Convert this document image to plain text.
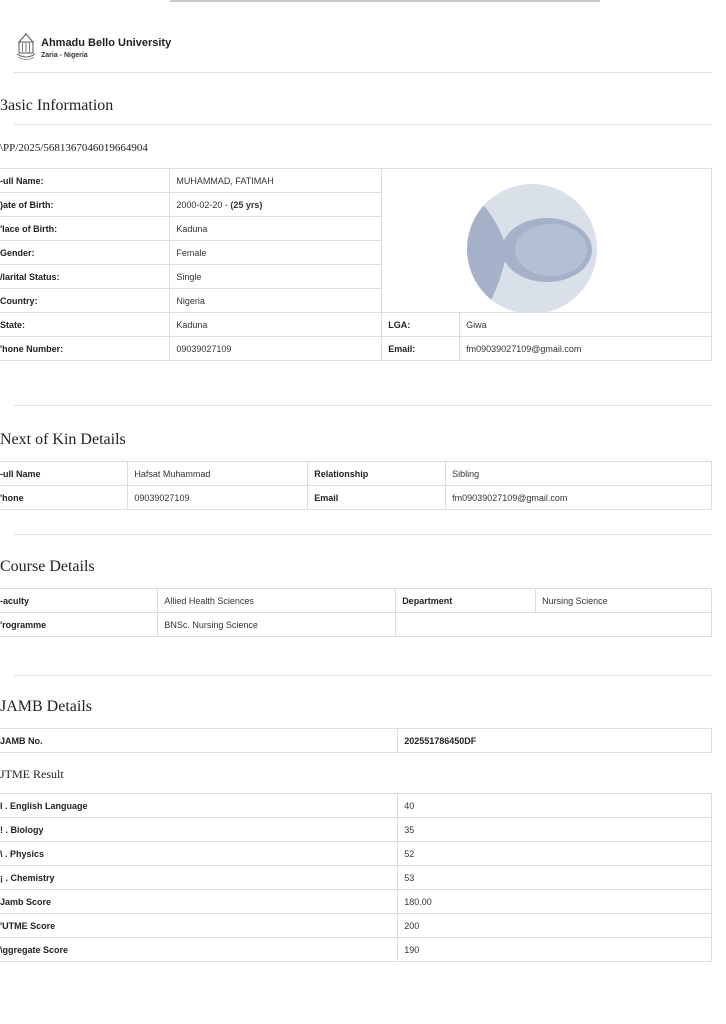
Ahmadu Bello University
Zaria - Nigeria
3asic Information
\PP/2025/5681367046019664904
-ull Name:	MUHAMMAD, FATIMAH	

)ate of Birth:	2000-02-20 - (25 yrs)		
'lace of Birth:	Kaduna		
Gender:	Female		
/larital Status:	Single		
Country:	Nigeria		
State:	Kaduna	LGA:	Giwa
'hone Number:	09039027109	Email:	fm09039027109@gmail.com
Next of Kin Details
-ull Name	Hafsat Muhammad	Relationship	Sibling
'hone	09039027109	Email	fm09039027109@gmail.com
Course Details
-aculty	Allied Health Sciences	Department	Nursing Science
'rogramme	BNSc. Nursing Science		
JAMB Details
JAMB No.	202551786450DF
JTME Result
l . English Language	40
! . Biology	35
\ . Physics	52
¡ . Chemistry	53
Jamb Score	180.00
'UTME Score	200
\ggregate Score	190
